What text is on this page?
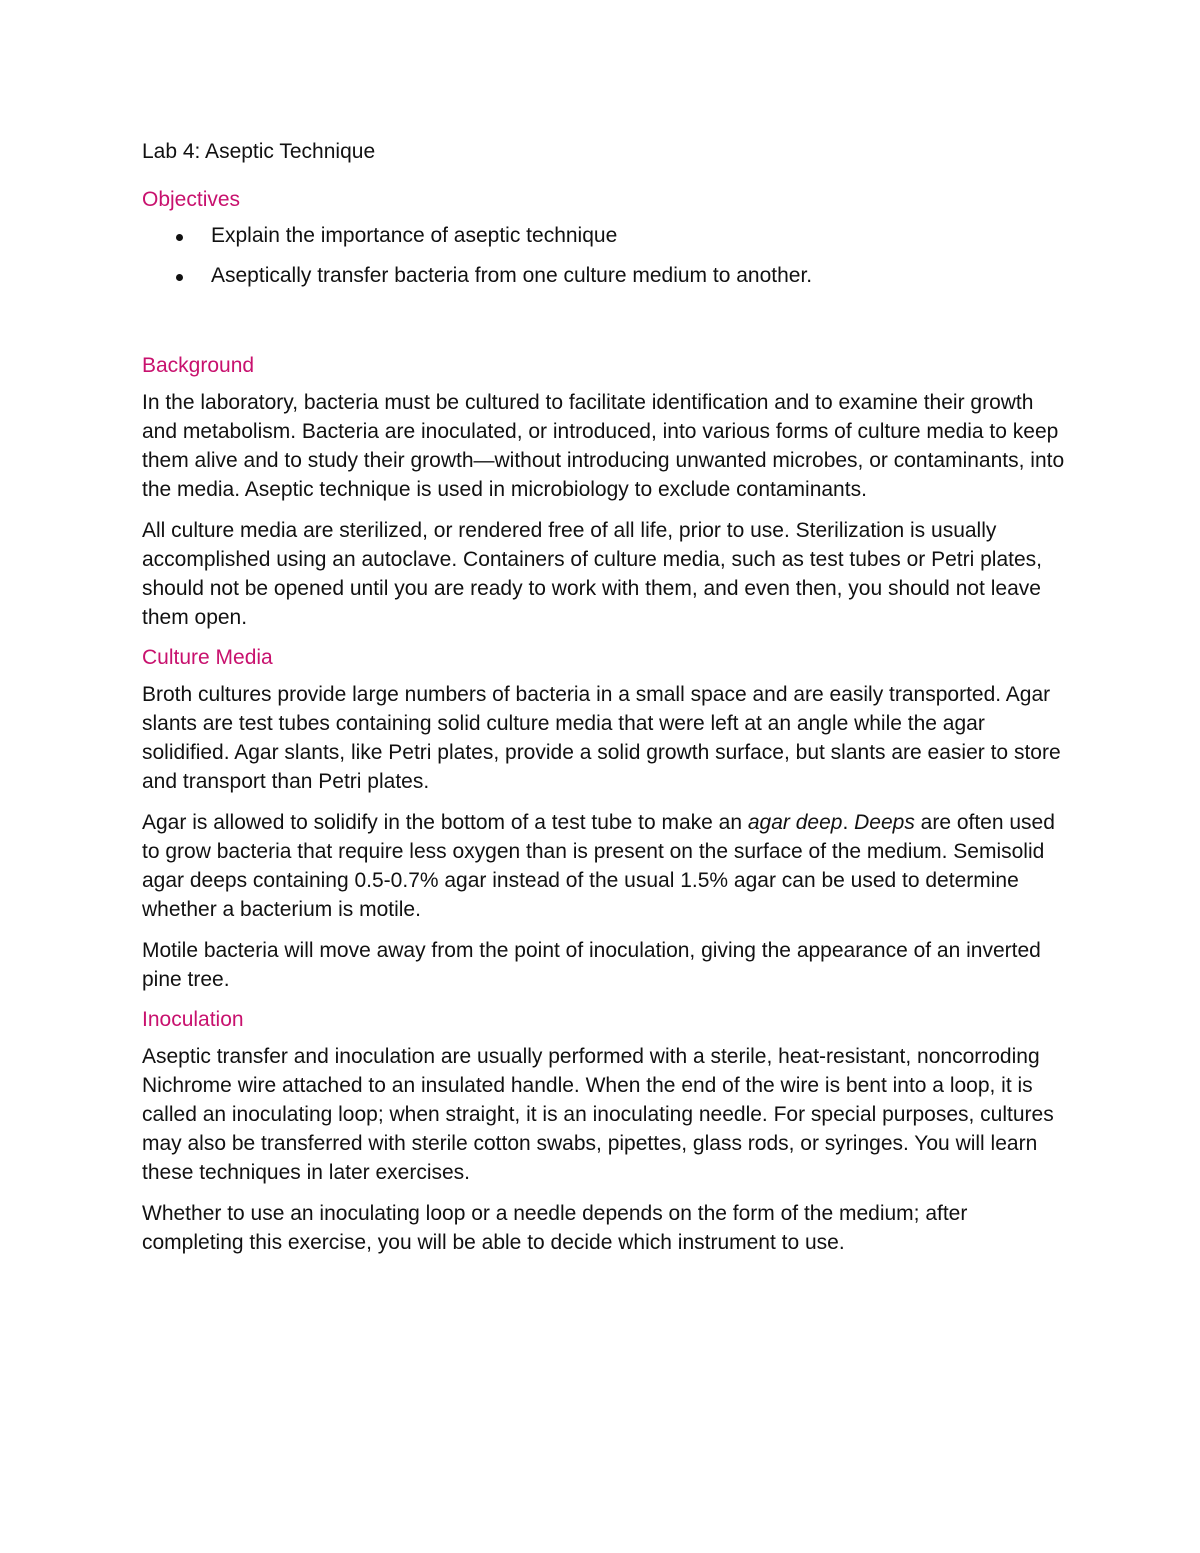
Lab 4: Aseptic Technique
Objectives
Explain the importance of aseptic technique
Aseptically transfer bacteria from one culture medium to another.
Background

In the laboratory, bacteria must be cultured to facilitate identification and to examine their growth and metabolism. Bacteria are inoculated, or introduced, into various forms of culture media to keep them alive and to study their growth—without introducing unwanted microbes, or contaminants, into the media. Aseptic technique is used in microbiology to exclude contaminants.

All culture media are sterilized, or rendered free of all life, prior to use. Sterilization is usually accomplished using an autoclave. Containers of culture media, such as test tubes or Petri plates, should not be opened until you are ready to work with them, and even then, you should not leave them open.

Culture Media

Broth cultures provide large numbers of bacteria in a small space and are easily transported. Agar slants are test tubes containing solid culture media that were left at an angle while the agar solidified. Agar slants, like Petri plates, provide a solid growth surface, but slants are easier to store and transport than Petri plates.

Agar is allowed to solidify in the bottom of a test tube to make an agar deep. Deeps are often used to grow bacteria that require less oxygen than is present on the surface of the medium. Semisolid agar deeps containing 0.5-0.7% agar instead of the usual 1.5% agar can be used to determine whether a bacterium is motile.

Motile bacteria will move away from the point of inoculation, giving the appearance of an inverted pine tree.

Inoculation

Aseptic transfer and inoculation are usually performed with a sterile, heat-resistant, noncorroding Nichrome wire attached to an insulated handle. When the end of the wire is bent into a loop, it is called an inoculating loop; when straight, it is an inoculating needle. For special purposes, cultures may also be transferred with sterile cotton swabs, pipettes, glass rods, or syringes. You will learn these techniques in later exercises.

Whether to use an inoculating loop or a needle depends on the form of the medium; after completing this exercise, you will be able to decide which instrument to use.
